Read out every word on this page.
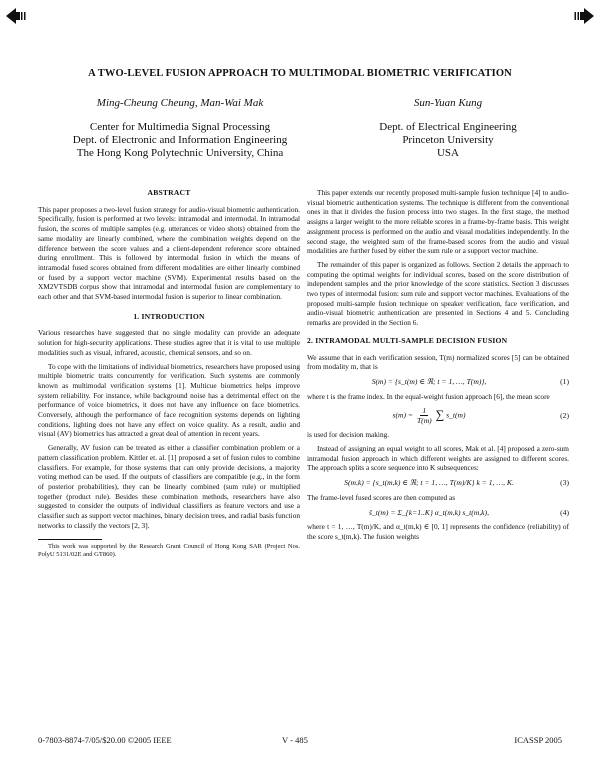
A TWO-LEVEL FUSION APPROACH TO MULTIMODAL BIOMETRIC VERIFICATION
Ming-Cheung Cheung, Man-Wai Mak
Center for Multimedia Signal Processing
Dept. of Electronic and Information Engineering
The Hong Kong Polytechnic University, China
Sun-Yuan Kung
Dept. of Electrical Engineering
Princeton University
USA
ABSTRACT

This paper proposes a two-level fusion strategy for audio-visual biometric authentication. Specifically, fusion is performed at two levels: intramodal and intermodal. In intramodal fusion, the scores of multiple samples (e.g. utterances or video shots) obtained from the same modality are linearly combined, where the combination weights depend on the difference between the score values and a client-dependent reference score obtained during enrollment. This is followed by intermodal fusion in which the means of intramodal fused scores obtained from different modalities are either linearly combined or fused by a support vector machine (SVM). Experimental results based on the XM2VTSDB corpus show that intramodal and intermodal fusion are complementary to each other and that SVM-based intermodal fusion is superior to linear combination.

1. INTRODUCTION

Various researches have suggested that no single modality can provide an adequate solution for high-security applications. These studies agree that it is vital to use multiple modalities such as visual, infrared, acoustic, chemical sensors, and so on.

To cope with the limitations of individual biometrics, researchers have proposed using multiple biometric traits concurrently for verification. Such systems are commonly known as multimodal verification systems [1]. Multicue biometrics helps improve system reliability. For instance, while background noise has a detrimental effect on the performance of voice biometrics, it does not have any influence on face biometrics. Conversely, although the performance of face recognition systems depends on lighting conditions, lighting does not have any effect on voice quality. As a result, audio and visual (AV) biometrics has attracted a great deal of attention in recent years.

Generally, AV fusion can be treated as either a classifier combination problem or a pattern classification problem. Kittler et. al. [1] proposed a set of fusion rules to combine classifiers. For example, for those systems that can only provide decisions, a majority voting method can be used. If the outputs of classifiers are compatible (e.g., in the form of posterior probabilities), they can be linearly combined (sum rule) or multiplied together (product rule). Besides these combination methods, researchers have also suggested to consider the outputs of individual classifiers as feature vectors and use a classifier such as support vector machines, binary decision trees, and radial basis function networks to classify the vectors [2, 3].

This work was supported by the Research Grant Council of Hong Kong SAR (Project Nos. PolyU 5131/02E and GT860).

This paper extends our recently proposed multi-sample fusion technique [4] to audio-visual biometric authentication systems. The technique is different from the conventional ones in that it divides the fusion process into two stages. In the first stage, the method assigns a larger weight to the more reliable scores in a frame-by-frame basis. This weight assignment process is performed on the audio and visual modalities independently. In the second stage, the weighted sum of the frame-based scores from the audio and visual modalities are further fused by either the sum rule or a support vector machine.

The remainder of this paper is organized as follows. Section 2 details the approach to computing the optimal weights for individual scores, based on the score distribution of independent samples and the prior knowledge of the score statistics. Section 3 discusses two types of intermodal fusion: sum rule and support vector machines. Evaluations of the proposed multi-sample fusion technique on speaker verification, face verification, and audio-visual biometric authentication are presented in Sections 4 and 5. Concluding remarks are provided in the Section 6.

2. INTRAMODAL MULTI-SAMPLE DECISION FUSION

We assume that in each verification session, T(m) normalized scores [5] can be obtained from modality m, that is

S(m) = {s_t(m) ∈ ℜ; t = 1, …, T(m)},	(1)

where t is the frame index. In the equal-weight fusion approach [6], the mean score

$s(m) = \frac{1}{T(m)}$ ∑ s_t(m)	(2)

is used for decision making.

Instead of assigning an equal weight to all scores, Mak et al. [4] proposed a zero-sum intramodal fusion approach in which different weights are assigned to different scores. The approach splits a score sequence into K subsequences:

S(m,k) = {s_t(m,k) ∈ ℜ; t = 1, …, T(m)/K} k = 1, …, K.	(3)

The frame-level fused scores are then computed as

s̃_t(m) = Σ_{k=1..K} α_t(m,k) s_t(m,k),	(4)

where t = 1, …, T(m)/K, and α_t(m,k) ∈ [0, 1] represents the confidence (reliability) of the score s_t(m,k). The fusion weights

0-7803-8874-7/05/$20.00 ©2005 IEEE	V - 485	ICASSP 2005
